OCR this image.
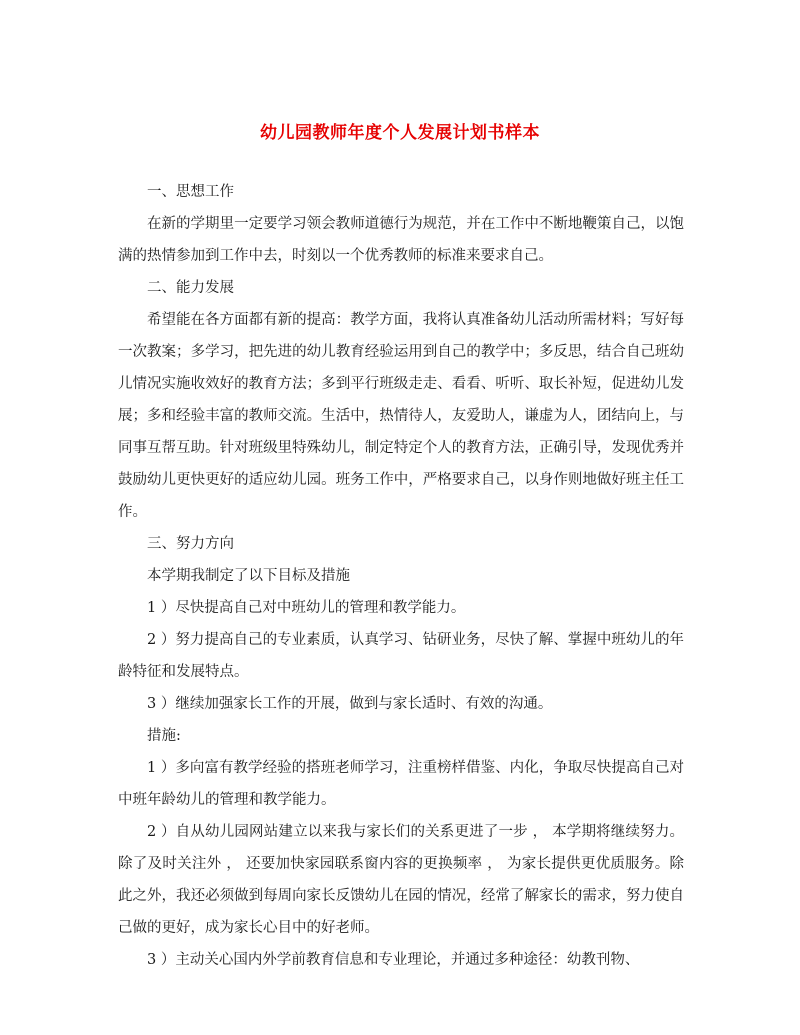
幼儿园教师年度个人发展计划书样本

一、思想工作

在新的学期里一定要学习领会教师道德行为规范，并在工作中不断地鞭策自己，以饱满的热情参加到工作中去，时刻以一个优秀教师的标准来要求自己。

二、能力发展

希望能在各方面都有新的提高：教学方面，我将认真准备幼儿活动所需材料；写好每一次教案；多学习，把先进的幼儿教育经验运用到自己的教学中；多反思，结合自己班幼儿情况实施收效好的教育方法；多到平行班级走走、看看、听听、取长补短，促进幼儿发展；多和经验丰富的教师交流。生活中，热情待人，友爱助人，谦虚为人，团结向上，与同事互帮互助。针对班级里特殊幼儿，制定特定个人的教育方法，正确引导，发现优秀并鼓励幼儿更快更好的适应幼儿园。班务工作中，严格要求自己，以身作则地做好班主任工作。

三、努力方向

本学期我制定了以下目标及措施

1 ）尽快提高自己对中班幼儿的管理和教学能力。

2 ）努力提高自己的专业素质，认真学习、钻研业务，尽快了解、掌握中班幼儿的年龄特征和发展特点。

3 ）继续加强家长工作的开展，做到与家长适时、有效的沟通。

措施:

1 ）多向富有教学经验的搭班老师学习，注重榜样借鉴、内化，争取尽快提高自己对中班年龄幼儿的管理和教学能力。

2 ）自从幼儿园网站建立以来我与家长们的关系更进了一步 ， 本学期将继续努力。除了及时关注外 ， 还要加快家园联系窗内容的更换频率 ， 为家长提供更优质服务。除此之外，我还必须做到每周向家长反馈幼儿在园的情况，经常了解家长的需求，努力使自己做的更好，成为家长心目中的好老师。

3 ）主动关心国内外学前教育信息和专业理论，并通过多种途径：幼教刊物、
